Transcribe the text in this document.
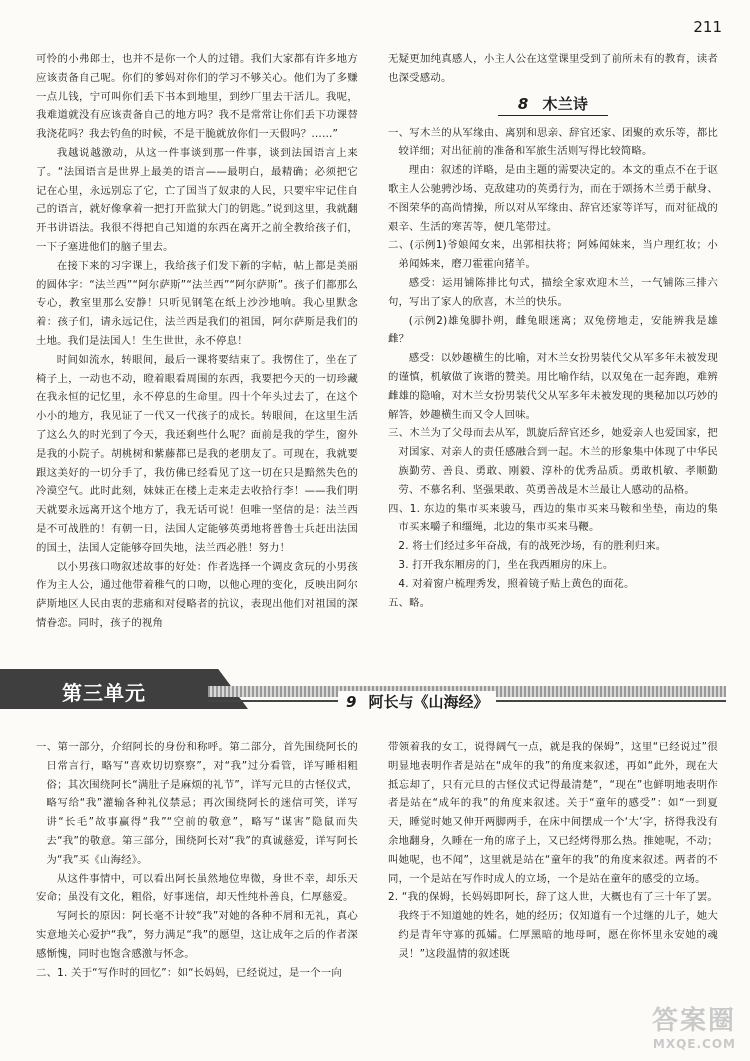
211

可怜的小弗郎士，也并不是你一个人的过错。我们大家都有许多地方应该责备自己呢。你们的爹妈对你们的学习不够关心。他们为了多赚一点儿钱，宁可叫你们丢下书本到地里，到纱厂里去干活儿。我呢，我难道就没有应该责备自己的地方吗？我不是常常让你们丢下功课替我浇花吗？我去钓鱼的时候，不是干脆就放你们一天假吗？……”

我越说越激动，从这一件事谈到那一件事，谈到法国语言上来了。“法国语言是世界上最美的语言——最明白，最精确；必须把它记在心里，永远别忘了它，亡了国当了奴隶的人民，只要牢牢记住自己的语言，就好像拿着一把打开监狱大门的钥匙。”说到这里，我就翻开书讲语法。我很不得把自己知道的东西在离开之前全教给孩子们，一下子塞进他们的脑子里去。

在接下来的习字课上，我给孩子们发下新的字帖，帖上都是美丽的圆体字：“法兰西”“阿尔萨斯”“法兰西”“阿尔萨斯”。孩子们都那么专心，教室里那么安静！只听见钢笔在纸上沙沙地响。我心里默念着：孩子们，请永远记住，法兰西是我们的祖国，阿尔萨斯是我们的土地。我们是法国人！生生世世，永不停息！

时间如流水，转眼间，最后一课将要结束了。我愣住了，坐在了椅子上，一动也不动，瞪着眼看周围的东西，我要把今天的一切珍藏在我永恒的记忆里，永不停息的生命里。四十个年头过去了，在这个小小的地方，我见证了一代又一代孩子的成长。转眼间，在这里生活了这么久的时光到了今天，我还剩些什么呢？面前是我的学生，窗外是我的小院子。胡桃树和紫藤都已是我的老朋友了。可现在，我就要跟这美好的一切分手了，我仿佛已经看见了这一切在只是黯然失色的冷漠空气。此时此刻，妹妹正在楼上走来走去收拾行李！——我们明天就要永远离开这个地方了，我无话可说！但唯一坚信的是：法兰西是不可战胜的！有朝一日，法国人定能够英勇地将普鲁士兵赶出法国的国土，法国人定能够夺回失地，法兰西必胜！努力！

以小男孩口吻叙述故事的好处：作者选择一个调皮贪玩的小男孩作为主人公，通过他带着稚气的口吻，以他心理的变化，反映出阿尔萨斯地区人民由衷的悲痛和对侵略者的抗议，表现出他们对祖国的深情眷恋。同时，孩子的视角

无疑更加纯真感人，小主人公在这堂课里受到了前所未有的教育，读者也深受感动。

8 木兰诗

一、写木兰的从军缘由、离别和思亲、辞官还家、团聚的欢乐等，都比较详细；对出征前的准备和军旅生活则写得比较简略。

理由：叙述的详略，是由主题的需要决定的。本文的重点不在于讴歌主人公驰骋沙场、克敌建功的英勇行为，而在于颂扬木兰勇于献身、不图荣华的高尚情操，所以对从军缘由、辞官还家等详写，而对征战的艰辛、生活的寒苦等，便几笔带过。

二、(示例1)爷娘闻女来，出郭相扶将；阿姊闻妹来，当户理红妆；小弟闻姊来，磨刀霍霍向猪羊。

感受：运用铺陈排比句式，描绘全家欢迎木兰，一气铺陈三排六句，写出了家人的欣喜，木兰的快乐。

(示例2)雄兔脚扑朔，雌兔眼迷离；双兔傍地走，安能辨我是雄雌？

感受：以妙趣横生的比喻，对木兰女扮男装代父从军多年未被发现的谨慎，机敏做了诙谐的赞美。用比喻作结，以双兔在一起奔跑，难辨雌雄的隐喻，对木兰女扮男装代父从军多年未被发现的奥秘加以巧妙的解答，妙趣横生而又令人回味。

三、木兰为了父母而去从军，凯旋后辞官还乡，她爱亲人也爱国家，把对国家、对亲人的责任感融合到一起。木兰的形象集中体现了中华民族勤劳、善良、勇敢、刚毅、淳朴的优秀品质。勇敢机敏、孝顺勤劳、不慕名利、坚强果敢、英勇善战是木兰最让人感动的品格。

四、1. 东边的集市买来骏马，西边的集市买来马鞍和坐垫，南边的集市买来嚼子和缰绳，北边的集市买来马鞭。

2. 将士们经过多年奋战，有的战死沙场，有的胜利归来。

3. 打开我东厢房的门，坐在我西厢房的床上。

4. 对着窗户梳理秀发，照着镜子贴上黄色的面花。

五、略。

第三单元	9 阿长与《山海经》

一、第一部分，介绍阿长的身份和称呼。第二部分，首先围绕阿长的日常言行，略写“喜欢切切察察”，对“我”过分看管，详写睡相粗俗；其次围绕阿长“满肚子是麻烦的礼节”，详写元旦的古怪仪式，略写给“我”灌输各种礼仪禁忌；再次围绕阿长的迷信可笑，详写讲“长毛”故事赢得“我”“空前的敬意”，略写“谋害”隐鼠而失去“我”的敬意。第三部分，围绕阿长对“我”的真诚慈爱，详写阿长为“我”买《山海经》。

从这件事情中，可以看出阿长虽然地位卑微，身世不幸，却乐天安命；虽没有文化，粗俗，好事迷信，却天性纯朴善良，仁厚慈爱。

写阿长的原因：阿长毫不计较“我”对她的各种不屑和无礼，真心实意地关心爱护“我”，努力满足“我”的愿望，这让成年之后的作者深感惭愧，同时也饱含感激与怀念。

二、1. 关于“写作时的回忆”：如“长妈妈，已经说过，是一个一向

带领着我的女工，说得阔气一点，就是我的保姆”，这里“已经说过”很明显地表明作者是站在“成年的我”的角度来叙述，再如“此外，现在大抵忘却了，只有元旦的古怪仪式记得最清楚”，“现在”也鲜明地表明作者是站在“成年的我”的角度来叙述。关于“童年的感受”：如“一到夏天，睡觉时她又伸开两脚两手，在床中间摆成一个‘大’字，挤得我没有余地翻身，久睡在一角的席子上，又已经烤得那么热。推她呢，不动；叫她呢，也不闻”，这里就是站在“童年的我”的角度来叙述。两者的不同，一个是站在写作时成人的立场，一个是站在童年的感受的立场。

2. “我的保姆，长妈妈即阿长，辞了这人世，大概也有了三十年了罢。我终于不知道她的姓名，她的经历；仅知道有一个过继的儿子，她大约是青年守寡的孤孀。仁厚黑暗的地母呵，愿在你怀里永安她的魂灵！”这段温情的叙述既

答案圈
MXQE.COM
